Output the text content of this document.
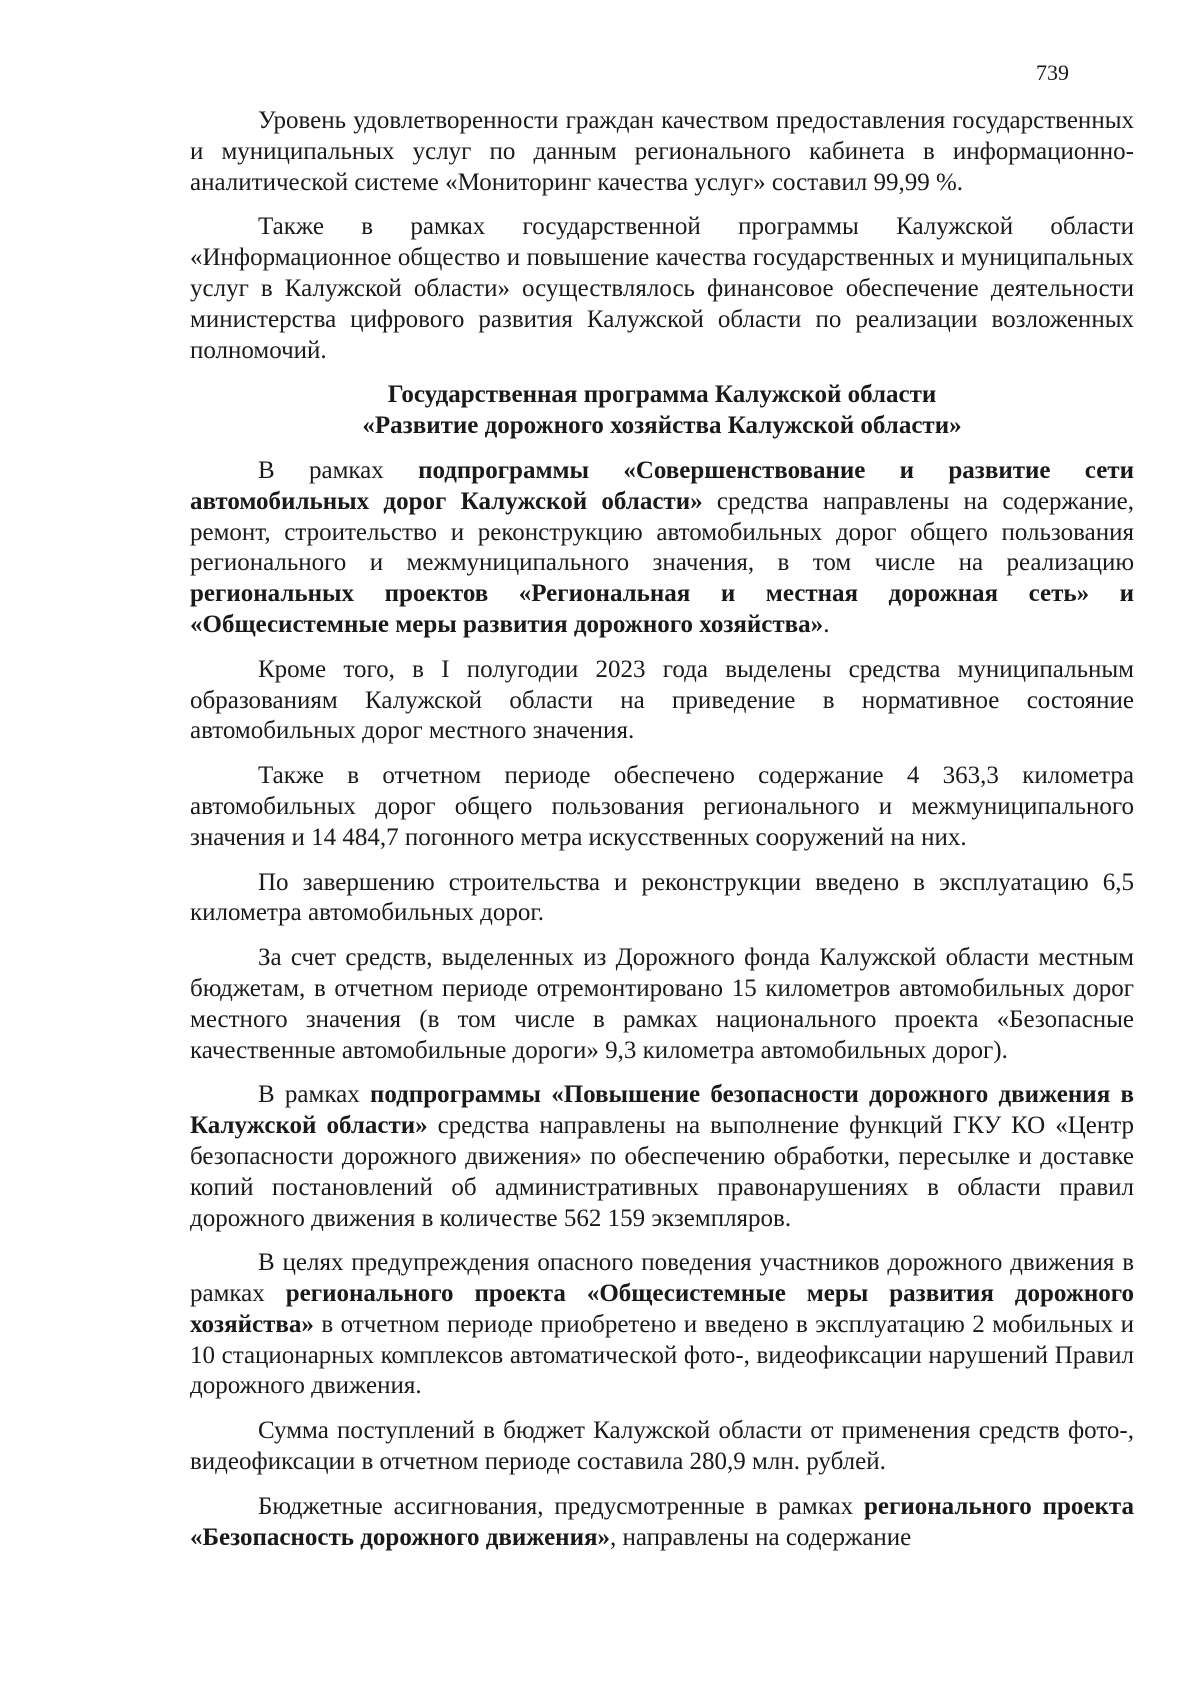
739

Уровень удовлетворенности граждан качеством предоставления государственных и муниципальных услуг по данным регионального кабинета в информационно-аналитической системе «Мониторинг качества услуг» составил 99,99 %.

Также в рамках государственной программы Калужской области «Информационное общество и повышение качества государственных и муниципальных услуг в Калужской области» осуществлялось финансовое обеспечение деятельности министерства цифрового развития Калужской области по реализации возложенных полномочий.

Государственная программа Калужской области
«Развитие дорожного хозяйства Калужской области»

В рамках подпрограммы «Совершенствование и развитие сети автомобильных дорог Калужской области» средства направлены на содержание, ремонт, строительство и реконструкцию автомобильных дорог общего пользования регионального и межмуниципального значения, в том числе на реализацию региональных проектов «Региональная и местная дорожная сеть» и «Общесистемные меры развития дорожного хозяйства».

Кроме того, в I полугодии 2023 года выделены средства муниципальным образованиям Калужской области на приведение в нормативное состояние автомобильных дорог местного значения.

Также в отчетном периоде обеспечено содержание 4 363,3 километра автомобильных дорог общего пользования регионального и межмуниципального значения и 14 484,7 погонного метра искусственных сооружений на них.

По завершению строительства и реконструкции введено в эксплуатацию 6,5 километра автомобильных дорог.

За счет средств, выделенных из Дорожного фонда Калужской области местным бюджетам, в отчетном периоде отремонтировано 15 километров автомобильных дорог местного значения (в том числе в рамках национального проекта «Безопасные качественные автомобильные дороги» 9,3 километра автомобильных дорог).

В рамках подпрограммы «Повышение безопасности дорожного движения в Калужской области» средства направлены на выполнение функций ГКУ КО «Центр безопасности дорожного движения» по обеспечению обработки, пересылке и доставке копий постановлений об административных правонарушениях в области правил дорожного движения в количестве 562 159 экземпляров.

В целях предупреждения опасного поведения участников дорожного движения в рамках регионального проекта «Общесистемные меры развития дорожного хозяйства» в отчетном периоде приобретено и введено в эксплуатацию 2 мобильных и 10 стационарных комплексов автоматической фото-, видеофиксации нарушений Правил дорожного движения.

Сумма поступлений в бюджет Калужской области от применения средств фото-, видеофиксации в отчетном периоде составила 280,9 млн. рублей.

Бюджетные ассигнования, предусмотренные в рамках регионального проекта «Безопасность дорожного движения», направлены на содержание
